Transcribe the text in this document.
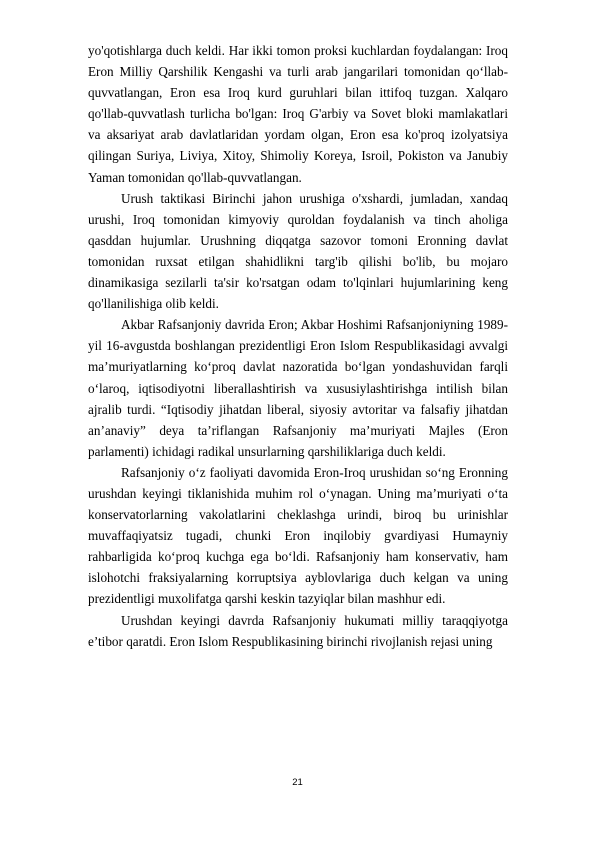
yo'qotishlarga duch keldi. Har ikki tomon proksi kuchlardan foydalangan: Iroq Eron Milliy Qarshilik Kengashi va turli arab jangarilari tomonidan qo‘llab-quvvatlangan, Eron esa Iroq kurd guruhlari bilan ittifoq tuzgan. Xalqaro qo'llab-quvvatlash turlicha bo'lgan: Iroq G'arbiy va Sovet bloki mamlakatlari va aksariyat arab davlatlaridan yordam olgan, Eron esa ko'proq izolyatsiya qilingan Suriya, Liviya, Xitoy, Shimoliy Koreya, Isroil, Pokiston va Janubiy Yaman tomonidan qo'llab-quvvatlangan.

Urush taktikasi Birinchi jahon urushiga o'xshardi, jumladan, xandaq urushi, Iroq tomonidan kimyoviy quroldan foydalanish va tinch aholiga qasddan hujumlar. Urushning diqqatga sazovor tomoni Eronning davlat tomonidan ruxsat etilgan shahidlikni targ'ib qilishi bo'lib, bu mojaro dinamikasiga sezilarli ta'sir ko'rsatgan odam to'lqinlari hujumlarining keng qo'llanilishiga olib keldi.

Akbar Rafsanjoniy davrida Eron; Akbar Hoshimi Rafsanjoniyning 1989-yil 16-avgustda boshlangan prezidentligi Eron Islom Respublikasidagi avvalgi ma’muriyatlarning ko‘proq davlat nazoratida bo‘lgan yondashuvidan farqli o‘laroq, iqtisodiyotni liberallashtirish va xususiylashtirishga intilish bilan ajralib turdi. “Iqtisodiy jihatdan liberal, siyosiy avtoritar va falsafiy jihatdan an’anaviy” deya ta’riflangan Rafsanjoniy ma’muriyati Majles (Eron parlamenti) ichidagi radikal unsurlarning qarshiliklariga duch keldi.

Rafsanjoniy o‘z faoliyati davomida Eron-Iroq urushidan so‘ng Eronning urushdan keyingi tiklanishida muhim rol o‘ynagan. Uning ma’muriyati o‘ta konservatorlarning vakolatlarini cheklashga urindi, biroq bu urinishlar muvaffaqiyatsiz tugadi, chunki Eron inqilobiy gvardiyasi Humayniy rahbarligida ko‘proq kuchga ega bo‘ldi. Rafsanjoniy ham konservativ, ham islohotchi fraksiyalarning korruptsiya ayblovlariga duch kelgan va uning prezidentligi muxolifatga qarshi keskin tazyiqlar bilan mashhur edi.

Urushdan keyingi davrda Rafsanjoniy hukumati milliy taraqqiyotga e’tibor qaratdi. Eron Islom Respublikasining birinchi rivojlanish rejasi uning

21
